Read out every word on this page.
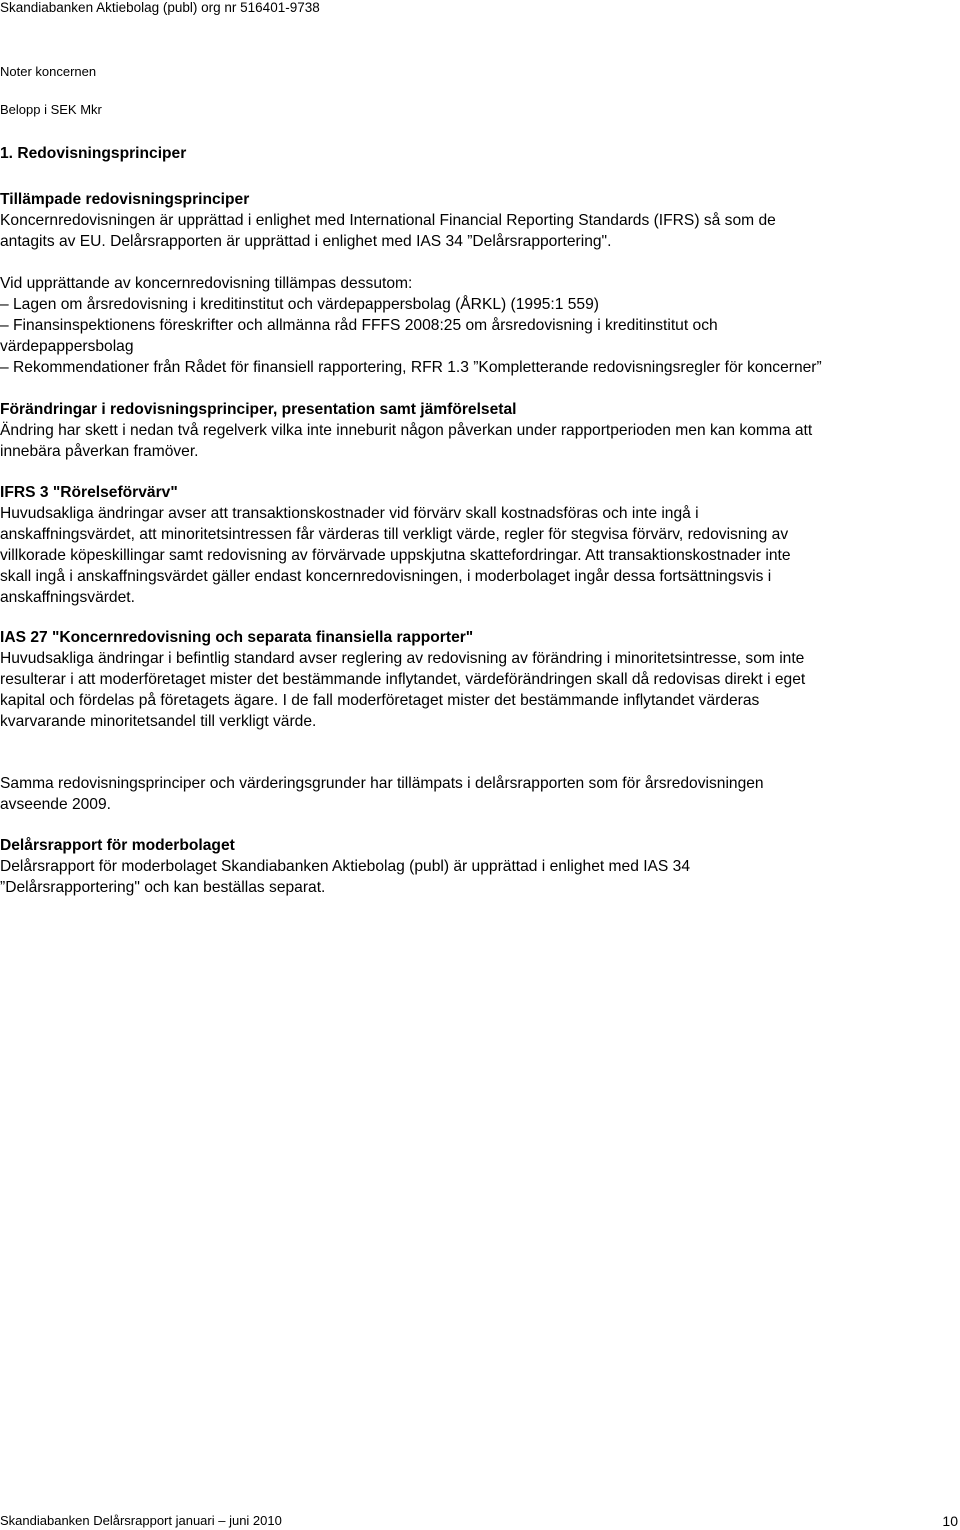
Skandiabanken Aktiebolag (publ) org nr 516401-9738
Noter koncernen
Belopp i SEK Mkr
1. Redovisningsprinciper
Tillämpade redovisningsprinciper
Koncernredovisningen är upprättad i enlighet med International Financial Reporting Standards (IFRS) så som de
antagits av EU. Delårsrapporten är upprättad i enlighet med IAS 34 ”Delårsrapportering".
Vid upprättande av koncernredovisning tillämpas dessutom:
– Lagen om årsredovisning i kreditinstitut och värdepappersbolag (ÅRKL) (1995:1 559)
– Finansinspektionens föreskrifter och allmänna råd FFFS 2008:25 om årsredovisning i kreditinstitut och
värdepappersbolag
– Rekommendationer från Rådet för finansiell rapportering, RFR 1.3 ”Kompletterande redovisningsregler för koncerner”
Förändringar i redovisningsprinciper, presentation samt jämförelsetal
Ändring har skett i nedan två regelverk vilka inte inneburit någon påverkan under rapportperioden men kan komma att
innebära påverkan framöver.
IFRS 3 "Rörelseförvärv"
Huvudsakliga ändringar avser att transaktionskostnader vid förvärv skall kostnadsföras och inte ingå i
anskaffningsvärdet, att minoritetsintressen får värderas till verkligt värde, regler för stegvisa förvärv, redovisning av
villkorade köpeskillingar samt redovisning av förvärvade uppskjutna skattefordringar. Att transaktionskostnader inte
skall ingå i anskaffningsvärdet gäller endast koncernredovisningen, i moderbolaget ingår dessa fortsättningsvis i
anskaffningsvärdet.
IAS 27 "Koncernredovisning och separata finansiella rapporter"
Huvudsakliga ändringar i befintlig standard avser reglering av redovisning av förändring i minoritetsintresse, som inte
resulterar i att moderföretaget mister det bestämmande inflytandet, värdeförändringen skall då redovisas direkt i eget
kapital och fördelas på företagets ägare. I de fall moderföretaget mister det bestämmande inflytandet värderas
kvarvarande minoritetsandel till verkligt värde.
Samma redovisningsprinciper och värderingsgrunder har tillämpats i delårsrapporten som för årsredovisningen
avseende 2009.
Delårsrapport för moderbolaget
Delårsrapport för moderbolaget Skandiabanken Aktiebolag (publ) är upprättad i enlighet med IAS 34
”Delårsrapportering" och kan beställas separat.
Skandiabanken Delårsrapport januari – juni 2010	10
